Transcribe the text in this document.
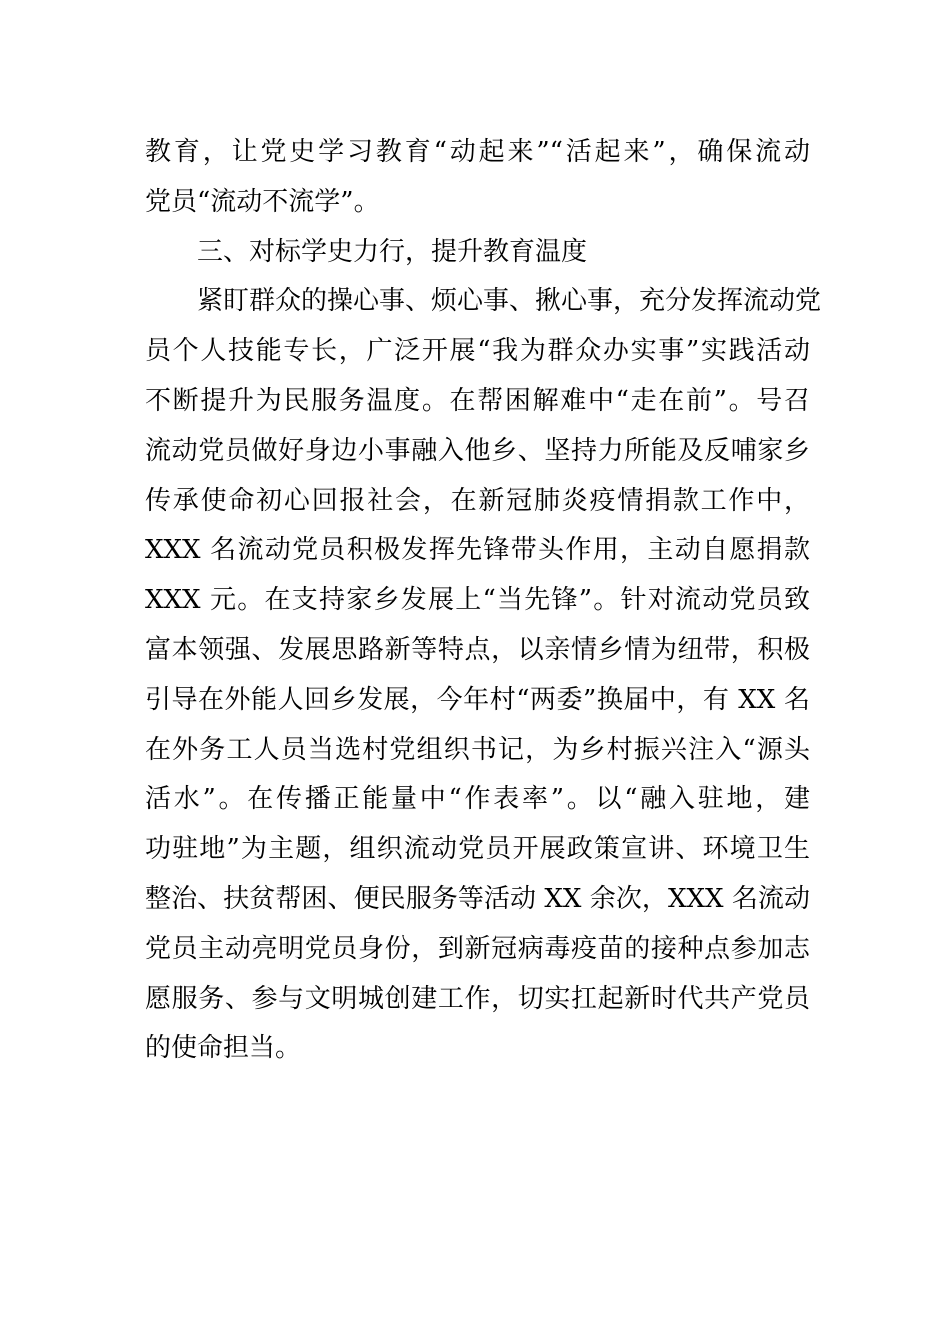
教育，让党史学习教育“动起来”“活起来”，确保流动
党员“流动不流学”。
三、对标学史力行，提升教育温度
紧盯群众的操心事、烦心事、揪心事，充分发挥流动党
员个人技能专长，广泛开展“我为群众办实事”实践活动
不断提升为民服务温度。在帮困解难中“走在前”。号召
流动党员做好身边小事融入他乡、坚持力所能及反哺家乡
传承使命初心回报社会，在新冠肺炎疫情捐款工作中，
XXX 名流动党员积极发挥先锋带头作用，主动自愿捐款
XXX 元。在支持家乡发展上“当先锋”。针对流动党员致
富本领强、发展思路新等特点，以亲情乡情为纽带，积极
引导在外能人回乡发展，今年村“两委”换届中，有 XX 名
在外务工人员当选村党组织书记，为乡村振兴注入“源头
活水”。在传播正能量中“作表率”。以“融入驻地，建
功驻地”为主题，组织流动党员开展政策宣讲、环境卫生
整治、扶贫帮困、便民服务等活动 XX 余次，XXX 名流动
党员主动亮明党员身份，到新冠病毒疫苗的接种点参加志
愿服务、参与文明城创建工作，切实扛起新时代共产党员
的使命担当。
